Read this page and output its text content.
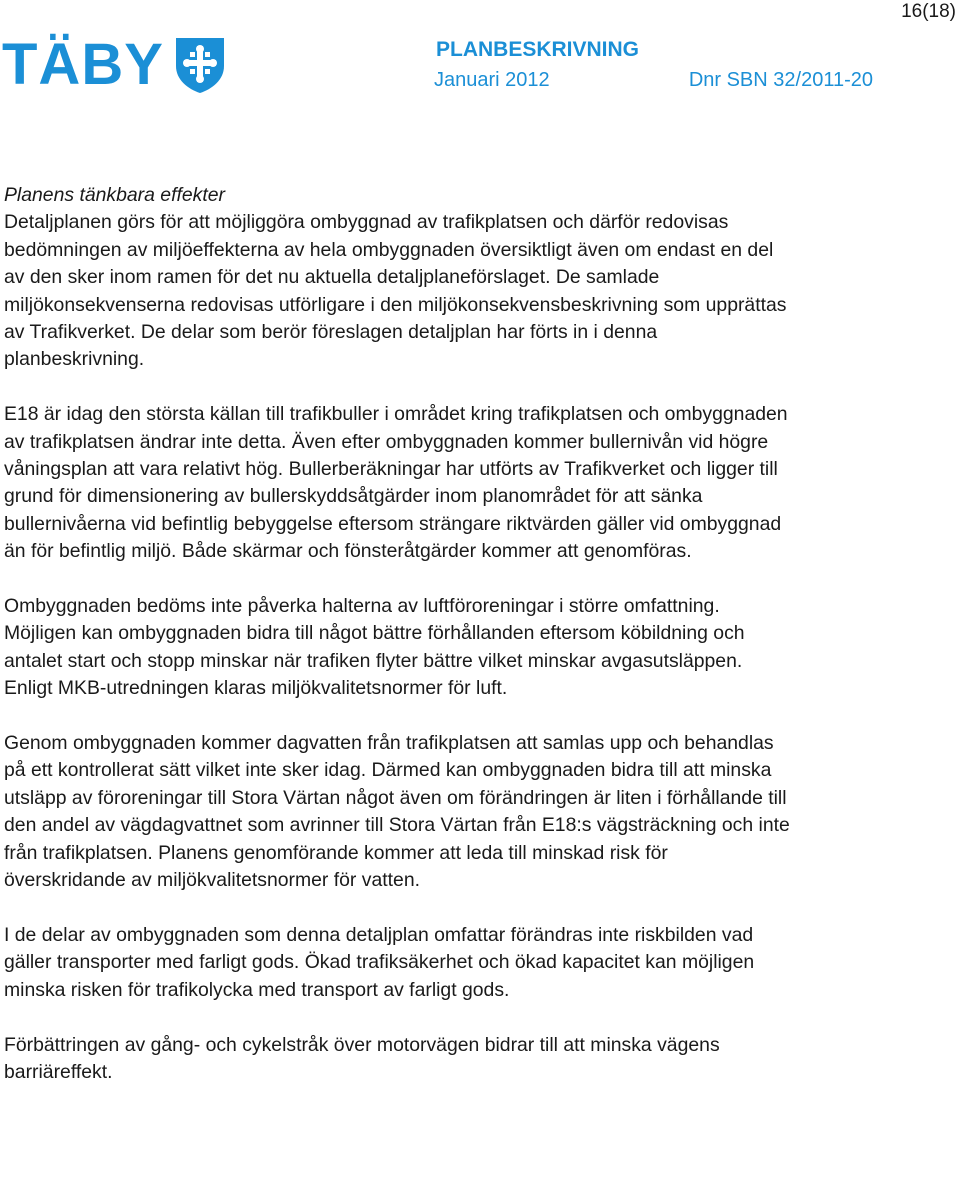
16(18)
TÄBY	PLANBESKRIVNING
Januari 2012	Dnr SBN 32/2011-20

Planens tänkbara effekter

Detaljplanen görs för att möjliggöra ombyggnad av trafikplatsen och därför redovisas bedömningen av miljöeffekterna av hela ombyggnaden översiktligt även om endast en del av den sker inom ramen för det nu aktuella detaljplaneförslaget. De samlade miljökonsekvenserna redovisas utförligare i den miljökonsekvensbeskrivning som upprättas av Trafikverket. De delar som berör föreslagen detaljplan har förts in i denna planbeskrivning.

E18 är idag den största källan till trafikbuller i området kring trafikplatsen och ombyggnaden av trafikplatsen ändrar inte detta. Även efter ombyggnaden kommer bullernivån vid högre våningsplan att vara relativt hög. Bullerberäkningar har utförts av Trafikverket och ligger till grund för dimensionering av bullerskyddsåtgärder inom planområdet för att sänka bullernivåerna vid befintlig bebyggelse eftersom strängare riktvärden gäller vid ombyggnad än för befintlig miljö. Både skärmar och fönsteråtgärder kommer att genomföras.

Ombyggnaden bedöms inte påverka halterna av luftföroreningar i större omfattning. Möjligen kan ombyggnaden bidra till något bättre förhållanden eftersom köbildning och antalet start och stopp minskar när trafiken flyter bättre vilket minskar avgasutsläppen. Enligt MKB-utredningen klaras miljökvalitetsnormer för luft.

Genom ombyggnaden kommer dagvatten från trafikplatsen att samlas upp och behandlas på ett kontrollerat sätt vilket inte sker idag. Därmed kan ombyggnaden bidra till att minska utsläpp av föroreningar till Stora Värtan något även om förändringen är liten i förhållande till den andel av vägdagvattnet som avrinner till Stora Värtan från E18:s vägsträckning och inte från trafikplatsen. Planens genomförande kommer att leda till minskad risk för överskridande av miljökvalitetsnormer för vatten.

I de delar av ombyggnaden som denna detaljplan omfattar förändras inte riskbilden vad gäller transporter med farligt gods. Ökad trafiksäkerhet och ökad kapacitet kan möjligen minska risken för trafikolycka med transport av farligt gods.

Förbättringen av gång- och cykelstråk över motorvägen bidrar till att minska vägens barriäreffekt.
